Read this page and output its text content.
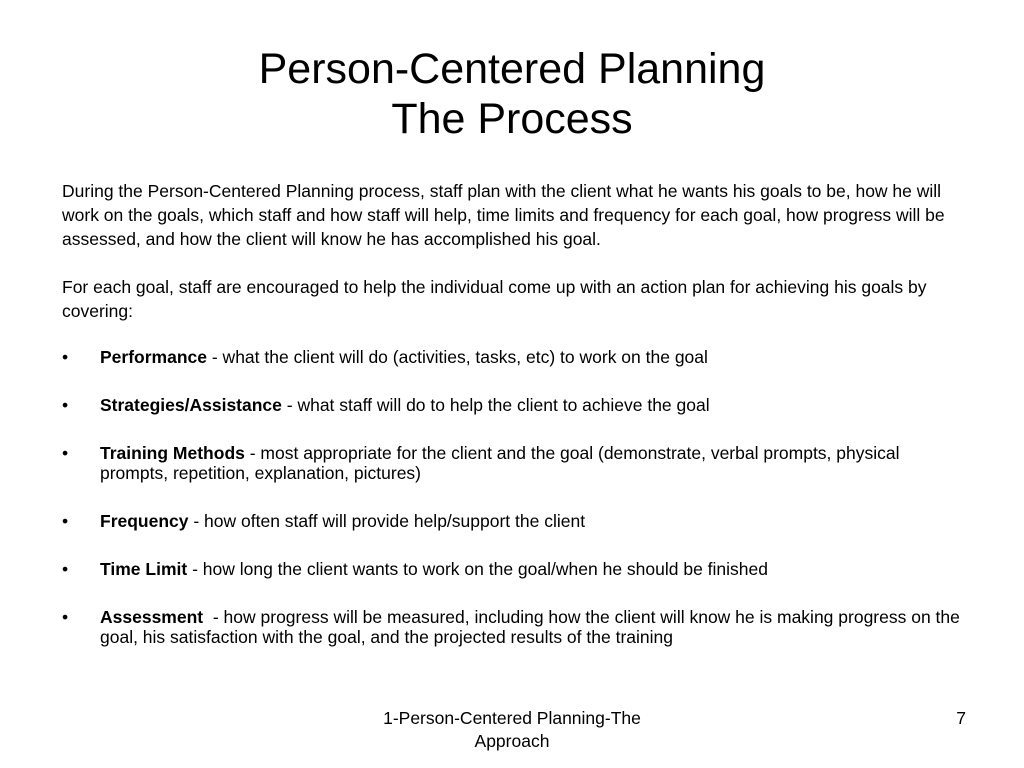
Person-Centered Planning
The Process
During the Person-Centered Planning process, staff plan with the client what he wants his goals to be, how he will work on the goals, which staff and how staff will help, time limits and frequency for each goal, how progress will be assessed, and how the client will know he has accomplished his goal.
For each goal, staff are encouraged to help the individual come up with an action plan for achieving his goals by covering:
•	Performance - what the client will do (activities, tasks, etc) to work on the goal
•	Strategies/Assistance - what staff will do to help the client to achieve the goal
•	Training Methods - most appropriate for the client and the goal (demonstrate, verbal prompts, physical prompts, repetition, explanation, pictures)
•	Frequency - how often staff will provide help/support the client
•	Time Limit - how long the client wants to work on the goal/when he should be finished
•	Assessment  - how progress will be measured, including how the client will know he is making progress on the goal, his satisfaction with the goal, and the projected results of the training
1-Person-Centered Planning-The Approach
7
